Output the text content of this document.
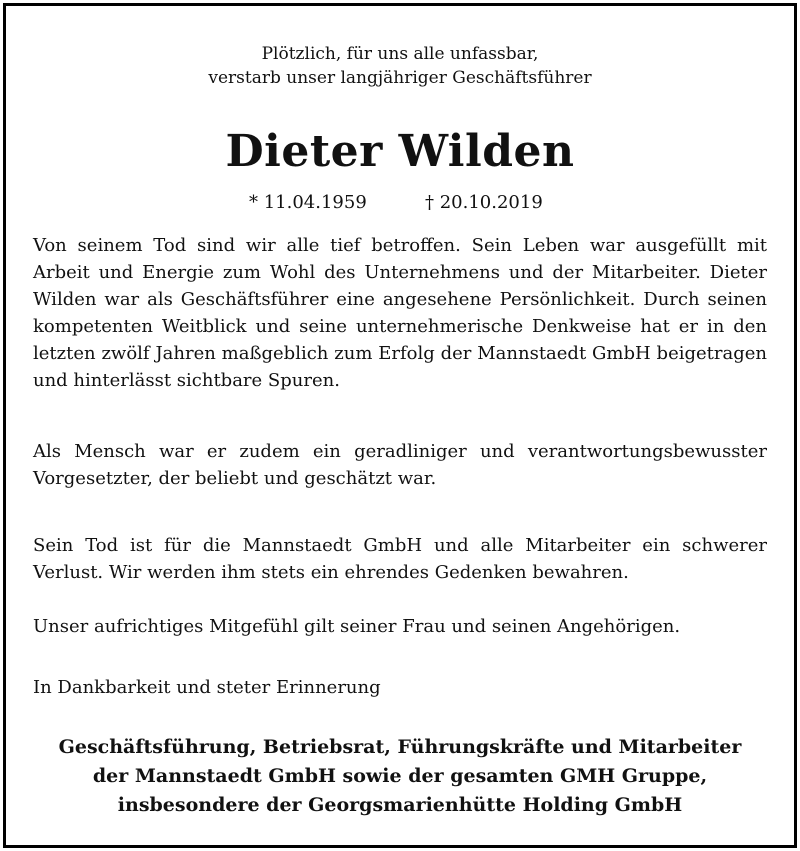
Plötzlich, für uns alle unfassbar,
verstarb unser langjähriger Geschäftsführer
Dieter Wilden
* 11.04.1959	† 20.10.2019

Von seinem Tod sind wir alle tief betroffen. Sein Leben war ausgefüllt mit Arbeit und Energie zum Wohl des Unternehmens und der Mitarbeiter. Dieter Wilden war als Geschäftsführer eine angesehene Persönlichkeit. Durch seinen kompetenten Weitblick und seine unternehmerische Denkweise hat er in den letzten zwölf Jahren maßgeblich zum Erfolg der Mannstaedt GmbH beigetragen und hinterlässt sichtbare Spuren.

Als Mensch war er zudem ein geradliniger und verantwortungsbewusster Vorgesetzter, der beliebt und geschätzt war.

Sein Tod ist für die Mannstaedt GmbH und alle Mitarbeiter ein schwerer Verlust. Wir werden ihm stets ein ehrendes Gedenken bewahren.

Unser aufrichtiges Mitgefühl gilt seiner Frau und seinen Angehörigen.

In Dankbarkeit und steter Erinnerung

Geschäftsführung, Betriebsrat, Führungskräfte und Mitarbeiter
der Mannstaedt GmbH sowie der gesamten GMH Gruppe,
insbesondere der Georgsmarienhütte Holding GmbH
